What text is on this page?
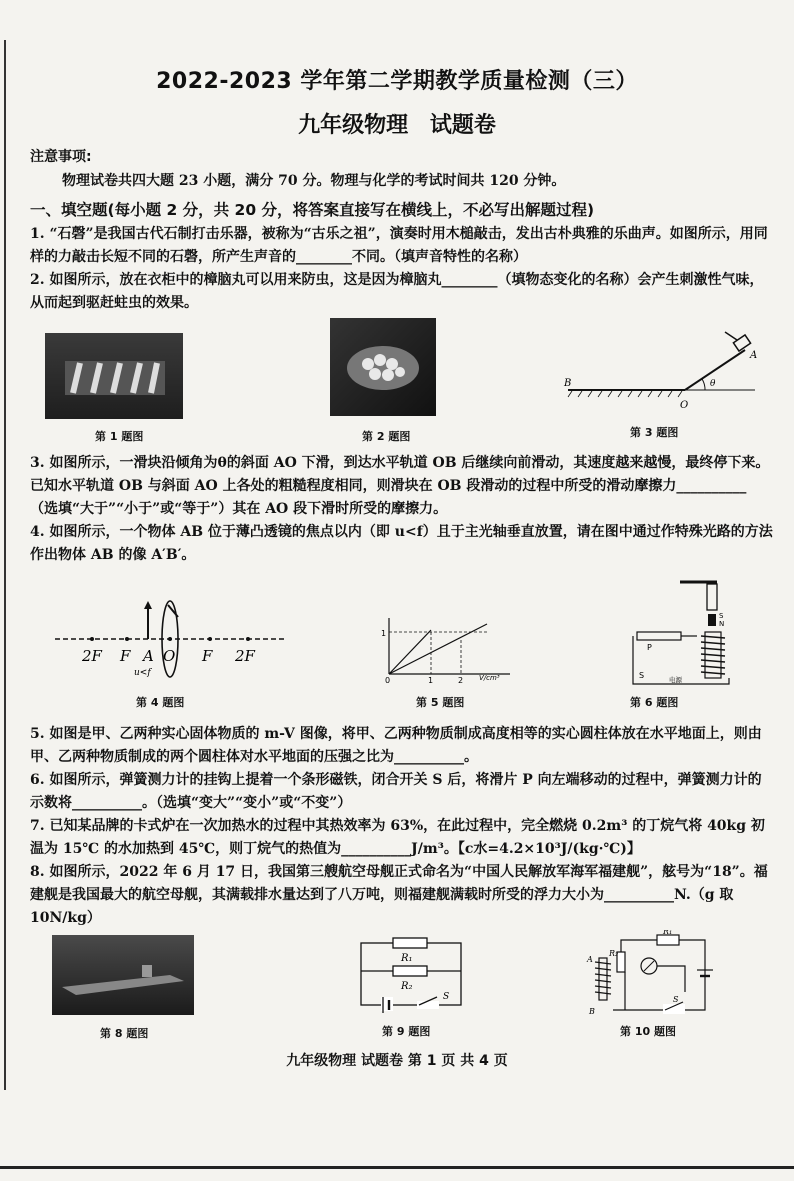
2022-2023 学年第二学期教学质量检测（三）
九年级物理 试题卷
注意事项:
物理试卷共四大题 23 小题，满分 70 分。物理与化学的考试时间共 120 分钟。
一、填空题(每小题 2 分，共 20 分，将答案直接写在横线上，不必写出解题过程)
1. “石磬”是我国古代石制打击乐器，被称为“古乐之祖”，演奏时用木槌敲击，发出古朴典雅的乐曲声。如图所示，用同样的力敲击长短不同的石磬，所产生声音的________不同。（填声音特性的名称）
2. 如图所示，放在衣柜中的樟脑丸可以用来防虫，这是因为樟脑丸________（填物态变化的名称）会产生刺激性气味，从而起到驱赶蛀虫的效果。
第 1 题图	第 2 题图
B
O
A
θ
第 3 题图
3. 如图所示，一滑块沿倾角为θ的斜面 AO 下滑，到达水平轨道 OB 后继续向前滑动，其速度越来越慢，最终停下来。已知水平轨道 OB 与斜面 AO 上各处的粗糙程度相同，则滑块在 OB 段滑动的过程中所受的滑动摩擦力__________（选填“大于”“小于”或“等于”）其在 AO 段下滑时所受的摩擦力。
4. 如图所示，一个物体 AB 位于薄凸透镜的焦点以内（即 u<f）且于主光轴垂直放置，请在图中通过作特殊光路的方法作出物体 AB 的像 A′B′。
2F F A O F 2F
u<f
第 4 题图
1
0	1	2 V/cm³
第 5 题图
S
N
P
S	电源
第 6 题图
5. 如图是甲、乙两种实心固体物质的 m-V 图像，将甲、乙两种物质制成高度相等的实心圆柱体放在水平地面上，则由甲、乙两种物质制成的两个圆柱体对水平地面的压强之比为__________。
6. 如图所示，弹簧测力计的挂钩上提着一个条形磁铁，闭合开关 S 后，将滑片 P 向左端移动的过程中，弹簧测力计的示数将__________。（选填“变大”“变小”或“不变”）
7. 已知某品牌的卡式炉在一次加热水的过程中其热效率为 63%，在此过程中，完全燃烧 0.2m³ 的丁烷气将 40kg 初温为 15℃ 的水加热到 45℃，则丁烷气的热值为__________J/m³。【c水=4.2×10³J/(kg·℃)】
8. 如图所示，2022 年 6 月 17 日，我国第三艘航空母舰正式命名为“中国人民解放军海军福建舰”，舷号为“18”。福建舰是我国最大的航空母舰，其满载排水量达到了八万吨，则福建舰满载时所受的浮力大小为__________N.（g 取 10N/kg）
第 8 题图
R₁
R₂
S
第 9 题图
A
B
R₂
R₁
S
第 10 题图
九年级物理 试题卷 第 1 页 共 4 页
